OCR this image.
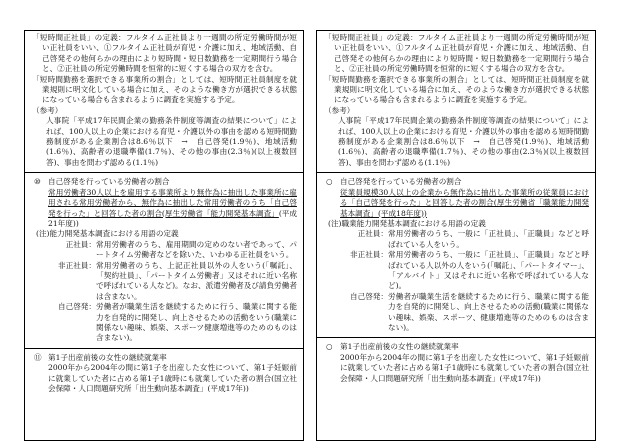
「短時間正社員」の定義：フルタイム正社員より一週間の所定労働時間が短い正社員をいい、①フルタイム正社員が育児・介護に加え、地域活動、自己啓発その他何らかの理由により短時間・短日数勤務を一定期間行う場合と、②正社員の所定労働時間を恒常的に短くする場合の双方を含む。

「短時間勤務を選択できる事業所の割合」としては、短時間正社員制度を就業規則に明文化している場合に加え、そのような働き方が選択できる状態になっている場合も含まれるように調査を実施する予定。

（参考）

人事院「平成17年民間企業の勤務条件制度等調査の結果について」によれば、100人以上の企業における育児・介護以外の事由を認める短時間勤務制度がある企業割合は8.6％以下　→　自己啓発(1.9％)、地域活動(1.6％)、高齢者の退職準備(1.7％)、その他の事由(2.3％)(以上複数回答)、事由を問わず認める(1.1％)

⑩ 自己啓発を行っている労働者の割合

常用労働者30人以上を雇用する事業所より無作為に抽出した事業所に雇用される常用労働者から、無作為に抽出した常用労働者のうち「自己啓発を行った」と回答した者の割合(厚生労働省「能力開発基本調査」(平成21年度))

(注)能力開発基本調査における用語の定義

正社員： 常用労働者のうち、雇用期間の定めのない者であって、パートタイム労働者などを除いた、いわゆる正社員をいう。
非正社員： 常用労働者のうち、上記正社員以外の人をいう(「嘱託」、「契約社員」、「パートタイム労働者」又はそれに近い名称で呼ばれている人など)。なお、派遣労働者及び請負労働者は含まない。
自己啓発： 労働者が職業生活を継続するために行う、職業に関する能力を自発的に開発し、向上させるための活動をいう(職業に関係ない趣味、娯楽、スポーツ健康増進等のためのものは含まない)。
⑪ 第1子出産前後の女性の継続就業率

2000年から2004年の間に第1子を出産した女性について、第1子妊娠前に就業していた者に占める第1子1歳時にも就業していた者の割合(国立社会保障・人口問題研究所「出生動向基本調査」(平成17年))

「短時間正社員」の定義：フルタイム正社員より一週間の所定労働時間が短い正社員をいい、①フルタイム正社員が育児・介護に加え、地域活動、自己啓発その他何らかの理由により短時間・短日数勤務を一定期間行う場合と、②正社員の所定労働時間を恒常的に短くする場合の双方を含む。

「短時間勤務を選択できる事業所の割合」としては、短時間正社員制度を就業規則に明文化している場合に加え、そのような働き方が選択できる状態になっている場合も含まれるように調査を実施する予定。

（参考）

人事院「平成17年民間企業の勤務条件制度等調査の結果について」によれば、100人以上の企業における育児・介護以外の事由を認める短時間勤務制度がある企業割合は8.6％以下　→　自己啓発(1.9％)、地域活動(1.6％)、高齢者の退職準備(1.7％)、その他の事由(2.3％)(以上複数回答)、事由を問わず認める(1.1％)

○ 自己啓発を行っている労働者の割合

従業員規模30人以上の企業から無作為に抽出した事業所の従業員における「自己啓発を行った」と回答した者の割合(厚生労働省「職業能力開発基本調査」(平成18年度))

(注)職業能力開発基本調査における用語の定義

正社員： 常用労働者のうち、一般に「正社員」、「正職員」などと呼ばれている人をいう。
非正社員： 常用労働者のうち、一般に「正社員」、「正職員」などと呼ばれている人以外の人をいう(「嘱託」、「パートタイマー」、「アルバイト」又はそれに近い名称で呼ばれている人など)。
自己啓発： 労働者が職業生活を継続するために行う、職業に関する能力を自発的に開発し、向上させるための活動(職業に関係ない趣味、娯楽、スポーツ、健康増進等のためのものは含まない)。
○ 第1子出産前後の女性の継続就業率

2000年から2004年の間に第1子を出産した女性について、第1子妊娠前に就業していた者に占める第1子1歳時にも就業していた者の割合(国立社会保障・人口問題研究所「出生動向基本調査」(平成17年))
